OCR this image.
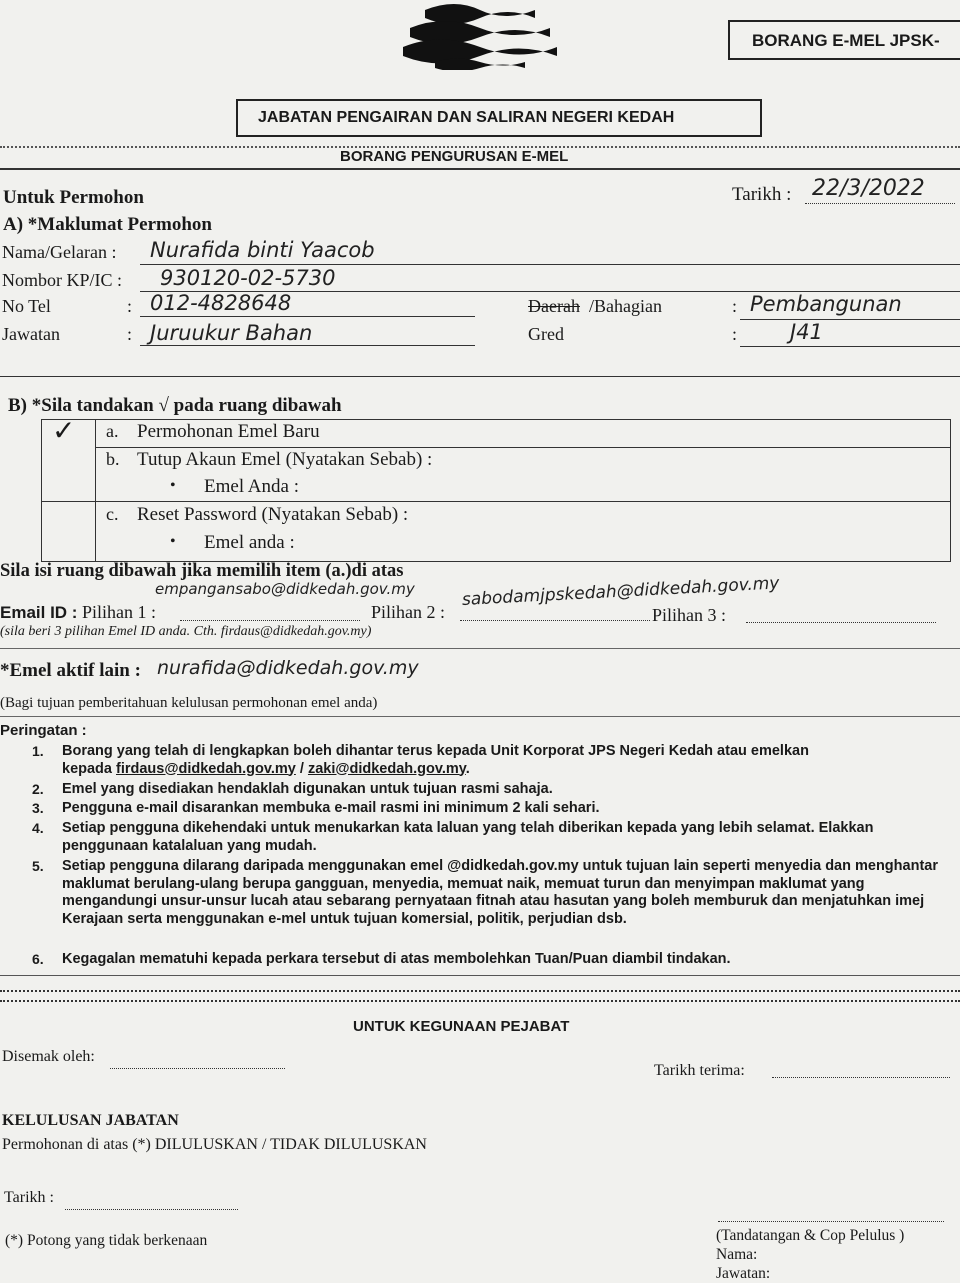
BORANG E-MEL JPSK-
JABATAN PENGAIRAN DAN SALIRAN NEGERI KEDAH
BORANG PENGURUSAN E-MEL
Untuk Permohon	Tarikh : 22/3/2022
A) *Maklumat Permohon
Nama/Gelaran : Nurafida binti Yaacob
Nombor KP/IC : 930120-02-5730
No Tel	: 012-4828648	Daerah /Bahagian	: Pembangunan
Jawatan	: Juruukur Bahan	Gred	:	J41
B) *Sila tandakan √ pada ruang dibawah
✓ a. Permohonan Emel Baru
b. Tutup Akaun Emel (Nyatakan Sebab) :
• Emel Anda :
c. Reset Password (Nyatakan Sebab) :
• Emel anda :
Sila isi ruang dibawah jika memilih item (a.)di atas
empangansabo@didkedah.gov.my	sabodamjpskedah@didkedah.gov.my
Email ID : Pilihan 1 :	Pilihan 2 :	Pilihan 3 :
(sila beri 3 pilihan Emel ID anda. Cth. firdaus@didkedah.gov.my)
*Emel aktif lain : nurafida@didkedah.gov.my
(Bagi tujuan pemberitahuan kelulusan permohonan emel anda)
Peringatan :
1. Borang yang telah di lengkapkan boleh dihantar terus kepada Unit Korporat JPS Negeri Kedah atau emelkan
kepada firdaus@didkedah.gov.my / zaki@didkedah.gov.my.
2. Emel yang disediakan hendaklah digunakan untuk tujuan rasmi sahaja.
3. Pengguna e-mail disarankan membuka e-mail rasmi ini minimum 2 kali sehari.
4. Setiap pengguna dikehendaki untuk menukarkan kata laluan yang telah diberikan kepada yang lebih selamat. Elakkan penggunaan katalaluan yang mudah.
5. Setiap pengguna dilarang daripada menggunakan emel @didkedah.gov.my untuk tujuan lain seperti menyedia dan menghantar maklumat berulang-ulang berupa gangguan, menyedia, memuat naik, memuat turun dan menyimpan maklumat yang mengandungi unsur-unsur lucah atau sebarang pernyataan fitnah atau hasutan yang boleh memburuk dan menjatuhkan imej Kerajaan serta menggunakan e-mel untuk tujuan komersial, politik, perjudian dsb.
6. Kegagalan mematuhi kepada perkara tersebut di atas membolehkan Tuan/Puan diambil tindakan.
UNTUK KEGUNAAN PEJABAT
Disemak oleh:
Tarikh terima:
KELULUSAN JABATAN
Permohonan di atas (*) DILULUSKAN / TIDAK DILULUSKAN
Tarikh :
(*) Potong yang tidak berkenaan	(Tandatangan & Cop Pelulus )
Nama:
Jawatan:
